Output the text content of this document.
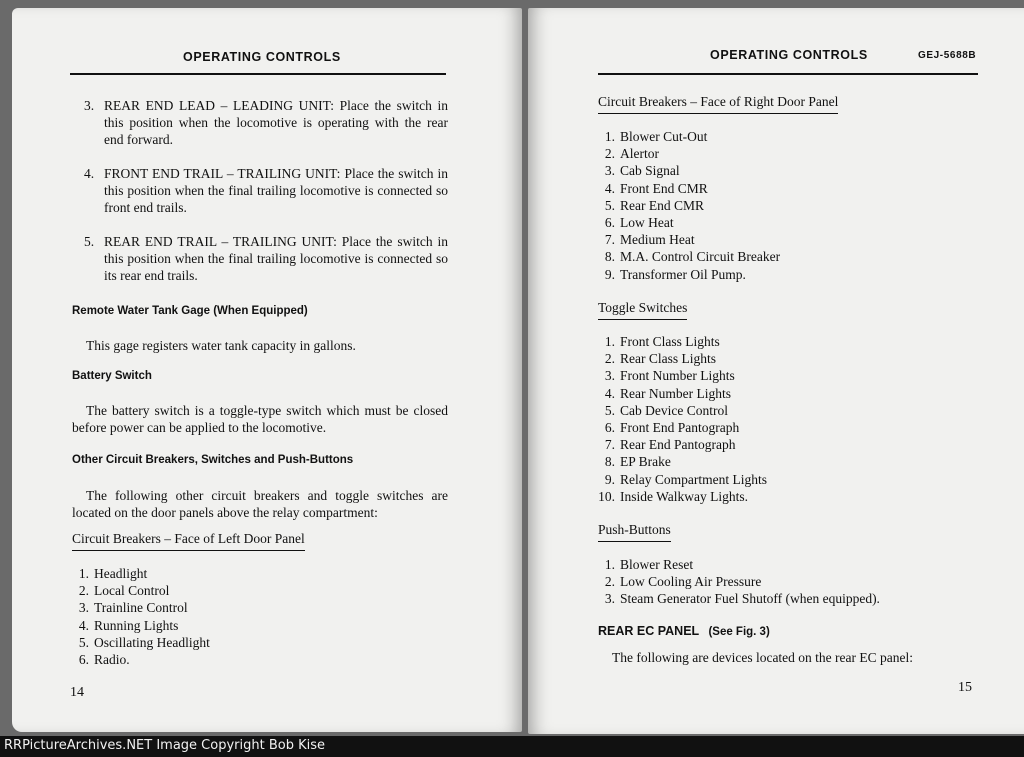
OPERATING CONTROLS
3. REAR END LEAD – LEADING UNIT: Place the switch in this position when the locomotive is operating with the rear end forward.
4. FRONT END TRAIL – TRAILING UNIT: Place the switch in this position when the final trailing locomotive is connected so front end trails.
5. REAR END TRAIL – TRAILING UNIT: Place the switch in this position when the final trailing locomotive is connected so its rear end trails.
Remote Water Tank Gage (When Equipped)
This gage registers water tank capacity in gallons.
Battery Switch
The battery switch is a toggle-type switch which must be closed before power can be applied to the locomotive.
Other Circuit Breakers, Switches and Push-Buttons
The following other circuit breakers and toggle switches are located on the door panels above the relay compartment:
Circuit Breakers – Face of Left Door Panel
1. Headlight
2. Local Control
3. Trainline Control
4. Running Lights
5. Oscillating Headlight
6. Radio.
14
OPERATING CONTROLS	GEJ-5688B
Circuit Breakers – Face of Right Door Panel
1. Blower Cut-Out
2. Alertor
3. Cab Signal
4. Front End CMR
5. Rear End CMR
6. Low Heat
7. Medium Heat
8. M.A. Control Circuit Breaker
9. Transformer Oil Pump.
Toggle Switches
1. Front Class Lights
2. Rear Class Lights
3. Front Number Lights
4. Rear Number Lights
5. Cab Device Control
6. Front End Pantograph
7. Rear End Pantograph
8. EP Brake
9. Relay Compartment Lights
10. Inside Walkway Lights.
Push-Buttons
1. Blower Reset
2. Low Cooling Air Pressure
3. Steam Generator Fuel Shutoff (when equipped).
REAR EC PANEL (See Fig. 3)
The following are devices located on the rear EC panel:
15
RRPictureArchives.NET Image Copyright Bob Kise
